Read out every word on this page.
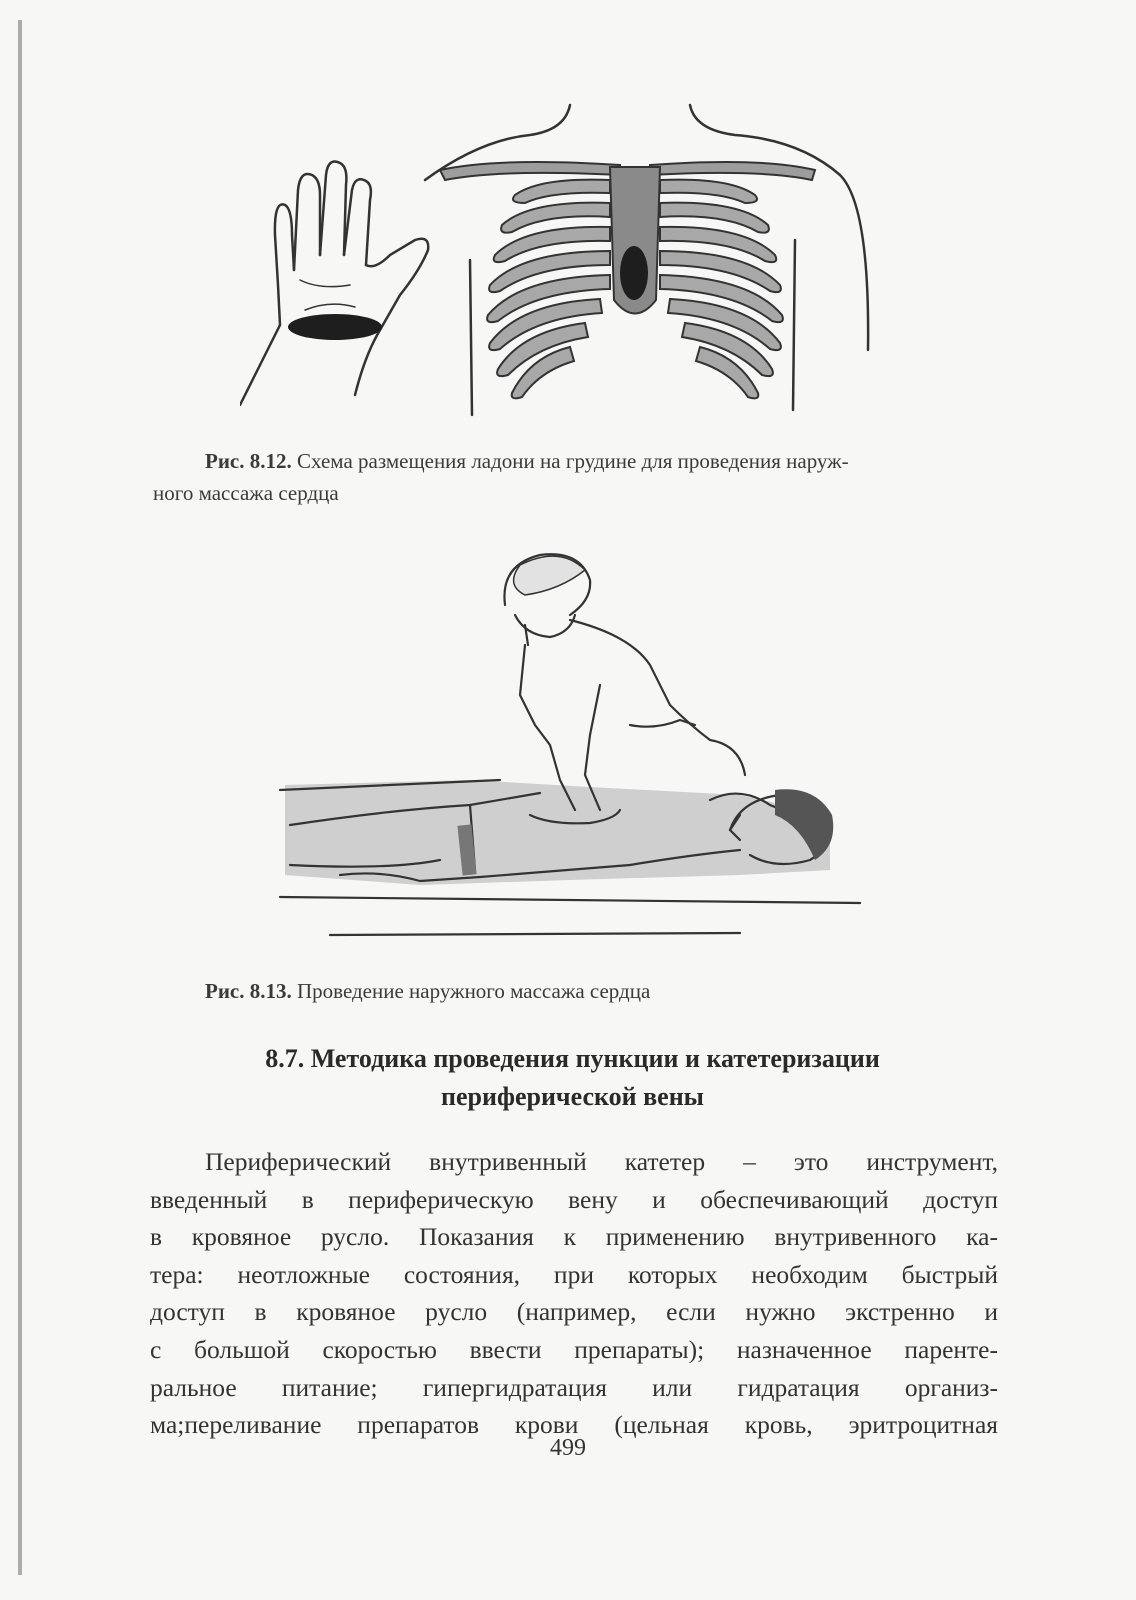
Рис. 8.12. Схема размещения ладони на грудине для проведения наруж-
ного массажа сердца
Рис. 8.13. Проведение наружного массажа сердца
8.7. Методика проведения пункции и катетеризации
периферической вены
Периферический внутривенный катетер – это инструмент,
введенный в периферическую вену и обеспечивающий доступ
в кровяное русло. Показания к применению внутривенного ка-
тера: неотложные состояния, при которых необходим быстрый
доступ в кровяное русло (например, если нужно экстренно и
с большой скоростью ввести препараты); назначенное паренте-
ральное питание; гипергидратация или гидратация организ-
ма;переливание препаратов крови (цельная кровь, эритроцитная
499
